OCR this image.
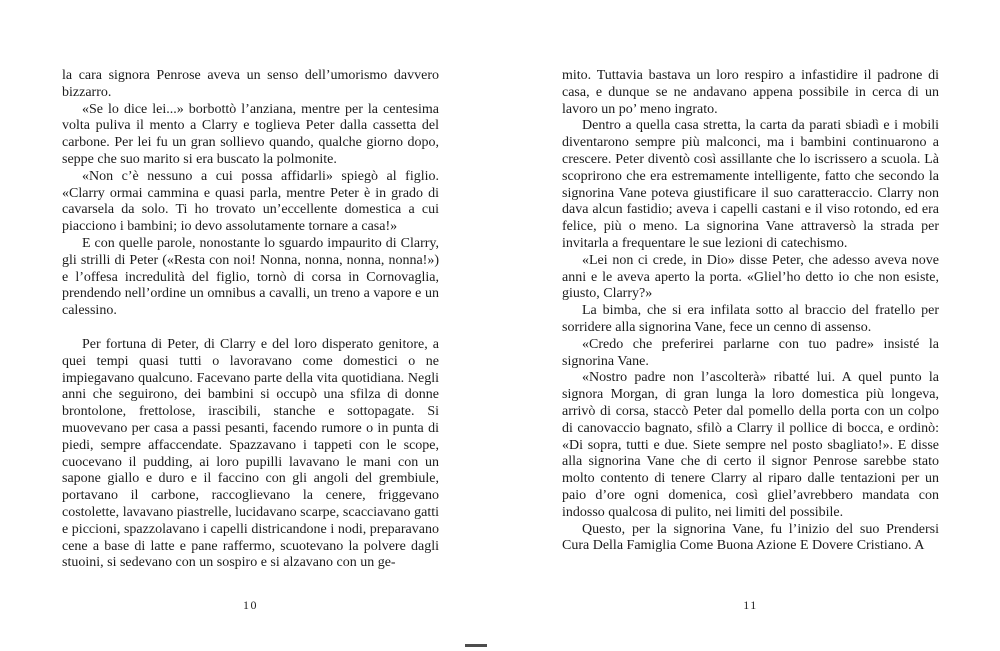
la cara signora Penrose aveva un senso dell’umorismo davvero bizzarro.

«Se lo dice lei...» borbottò l’anziana, mentre per la centesima volta puliva il mento a Clarry e toglieva Peter dalla cassetta del carbone. Per lei fu un gran sollievo quando, qualche giorno dopo, seppe che suo marito si era buscato la polmonite.

«Non c’è nessuno a cui possa affidarli» spiegò al figlio. «Clarry ormai cammina e quasi parla, mentre Peter è in grado di cavarsela da solo. Ti ho trovato un’eccellente domestica a cui piacciono i bambini; io devo assolutamente tornare a casa!»

E con quelle parole, nonostante lo sguardo impaurito di Clarry, gli strilli di Peter («Resta con noi! Nonna, nonna, nonna, nonna!») e l’offesa incredulità del figlio, tornò di corsa in Cornovaglia, prendendo nell’ordine un omnibus a cavalli, un treno a vapore e un calessino.

Per fortuna di Peter, di Clarry e del loro disperato genitore, a quei tempi quasi tutti o lavoravano come domestici o ne impiegavano qualcuno. Facevano parte della vita quotidiana. Negli anni che seguirono, dei bambini si occupò una sfilza di donne brontolone, frettolose, irascibili, stanche e sottopagate. Si muovevano per casa a passi pesanti, facendo rumore o in punta di piedi, sempre affaccendate. Spazzavano i tappeti con le scope, cuocevano il pudding, ai loro pupilli lavavano le mani con un sapone giallo e duro e il faccino con gli angoli del grembiule, portavano il carbone, raccoglievano la cenere, friggevano costolette, lavavano piastrelle, lucidavano scarpe, scacciavano gatti e piccioni, spazzolavano i capelli districandone i nodi, preparavano cene a base di latte e pane raffermo, scuotevano la polvere dagli stuoini, si sedevano con un sospiro e si alzavano con un ge-

mito. Tuttavia bastava un loro respiro a infastidire il padrone di casa, e dunque se ne andavano appena possibile in cerca di un lavoro un po’ meno ingrato.

Dentro a quella casa stretta, la carta da parati sbiadì e i mobili diventarono sempre più malconci, ma i bambini continuarono a crescere. Peter diventò così assillante che lo iscrissero a scuola. Là scoprirono che era estremamente intelligente, fatto che secondo la signorina Vane poteva giustificare il suo caratteraccio. Clarry non dava alcun fastidio; aveva i capelli castani e il viso rotondo, ed era felice, più o meno. La signorina Vane attraversò la strada per invitarla a frequentare le sue lezioni di catechismo.

«Lei non ci crede, in Dio» disse Peter, che adesso aveva nove anni e le aveva aperto la porta. «Gliel’ho detto io che non esiste, giusto, Clarry?»

La bimba, che si era infilata sotto al braccio del fratello per sorridere alla signorina Vane, fece un cenno di assenso.

«Credo che preferirei parlarne con tuo padre» insisté la signorina Vane.

«Nostro padre non l’ascolterà» ribatté lui. A quel punto la signora Morgan, di gran lunga la loro domestica più longeva, arrivò di corsa, staccò Peter dal pomello della porta con un colpo di canovaccio bagnato, sfilò a Clarry il pollice di bocca, e ordinò: «Di sopra, tutti e due. Siete sempre nel posto sbagliato!». E disse alla signorina Vane che di certo il signor Penrose sarebbe stato molto contento di tenere Clarry al riparo dalle tentazioni per un paio d’ore ogni domenica, così gliel’avrebbero mandata con indosso qualcosa di pulito, nei limiti del possibile.

Questo, per la signorina Vane, fu l’inizio del suo Prendersi Cura Della Famiglia Come Buona Azione E Dovere Cristiano. A

10	11
